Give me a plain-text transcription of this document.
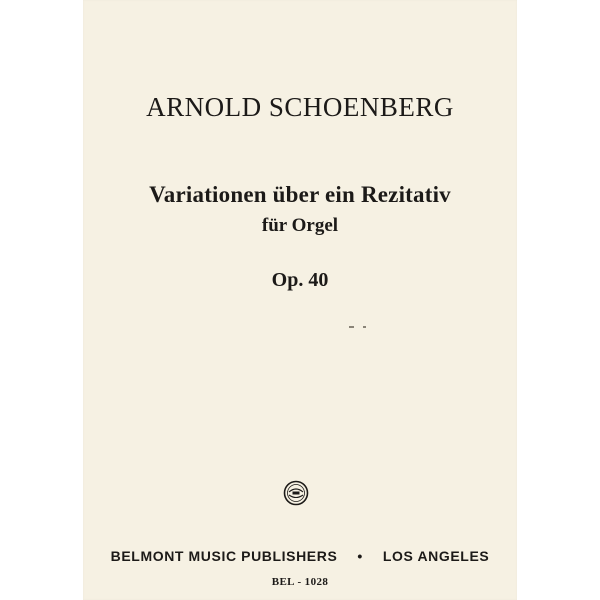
ARNOLD SCHOENBERG
Variationen über ein Rezitativ
für Orgel
Op. 40
BELMONT MUSIC PUBLISHERS • LOS ANGELES
BEL - 1028
